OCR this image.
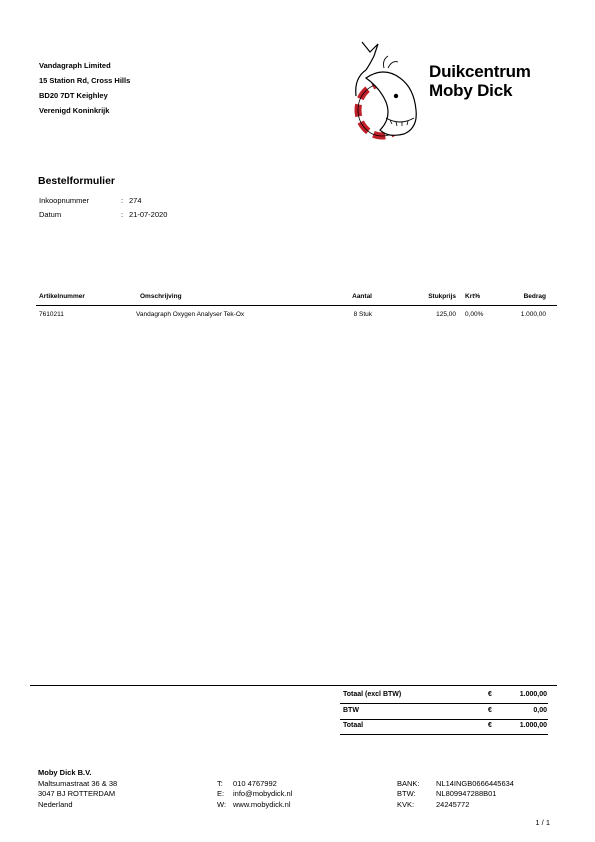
Vandagraph Limited
15 Station Rd, Cross Hills
BD20 7DT Keighley
Verenigd Koninkrijk
Duikcentrum
Moby Dick
Bestelformulier
Inkoopnummer	: 274
Datum	: 21-07-2020
Artikelnummer	Omschrijving	Aantal	Stukprijs Krt%	Bedrag
7610211	Vandagraph Oxygen Analyser Tek-Ox	8 Stuk	125,00 0,00%	1.000,00
Totaal (excl BTW)	€	1.000,00
BTW	€	0,00
Totaal	€	1.000,00
Moby Dick B.V.
Maltsumastraat 36 & 38
3047 BJ ROTTERDAM
Nederland
T: 010 4767992
E: info@mobydick.nl
W: www.mobydick.nl
BANK: NL14INGB0666445634
BTW:	NL809947288B01
KVK:	24245772
1 / 1
